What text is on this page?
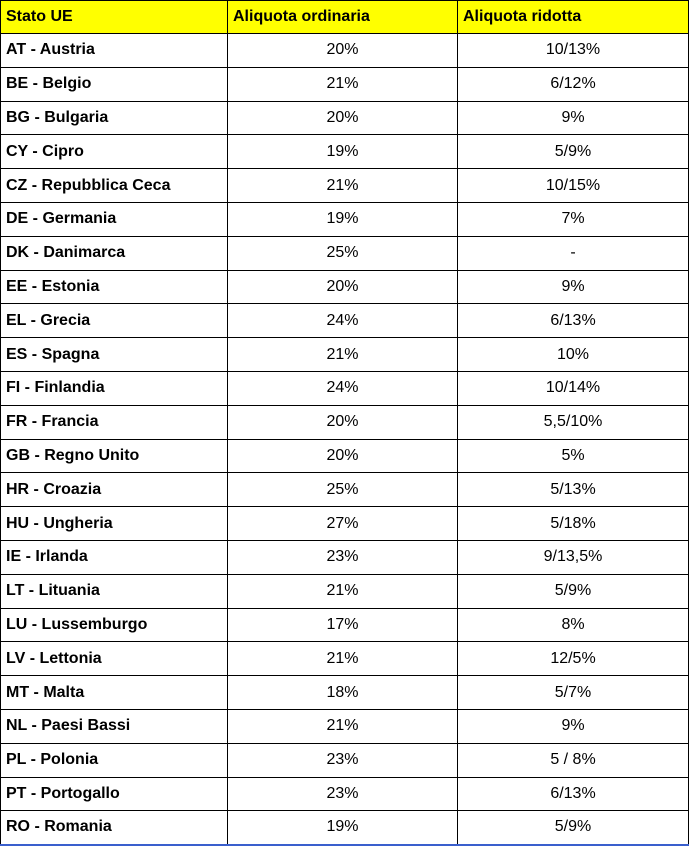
Stato UE	Aliquota ordinaria	Aliquota ridotta
AT - Austria	20%	10/13%
BE - Belgio	21%	6/12%
BG - Bulgaria	20%	9%
CY - Cipro	19%	5/9%
CZ - Repubblica Ceca	21%	10/15%
DE - Germania	19%	7%
DK - Danimarca	25%	-
EE - Estonia	20%	9%
EL - Grecia	24%	6/13%
ES - Spagna	21%	10%
FI - Finlandia	24%	10/14%
FR - Francia	20%	5,5/10%
GB - Regno Unito	20%	5%
HR - Croazia	25%	5/13%
HU - Ungheria	27%	5/18%
IE - Irlanda	23%	9/13,5%
LT - Lituania	21%	5/9%
LU - Lussemburgo	17%	8%
LV - Lettonia	21%	12/5%
MT - Malta	18%	5/7%
NL - Paesi Bassi	21%	9%
PL - Polonia	23%	5 / 8%
PT - Portogallo	23%	6/13%
RO - Romania	19%	5/9%
